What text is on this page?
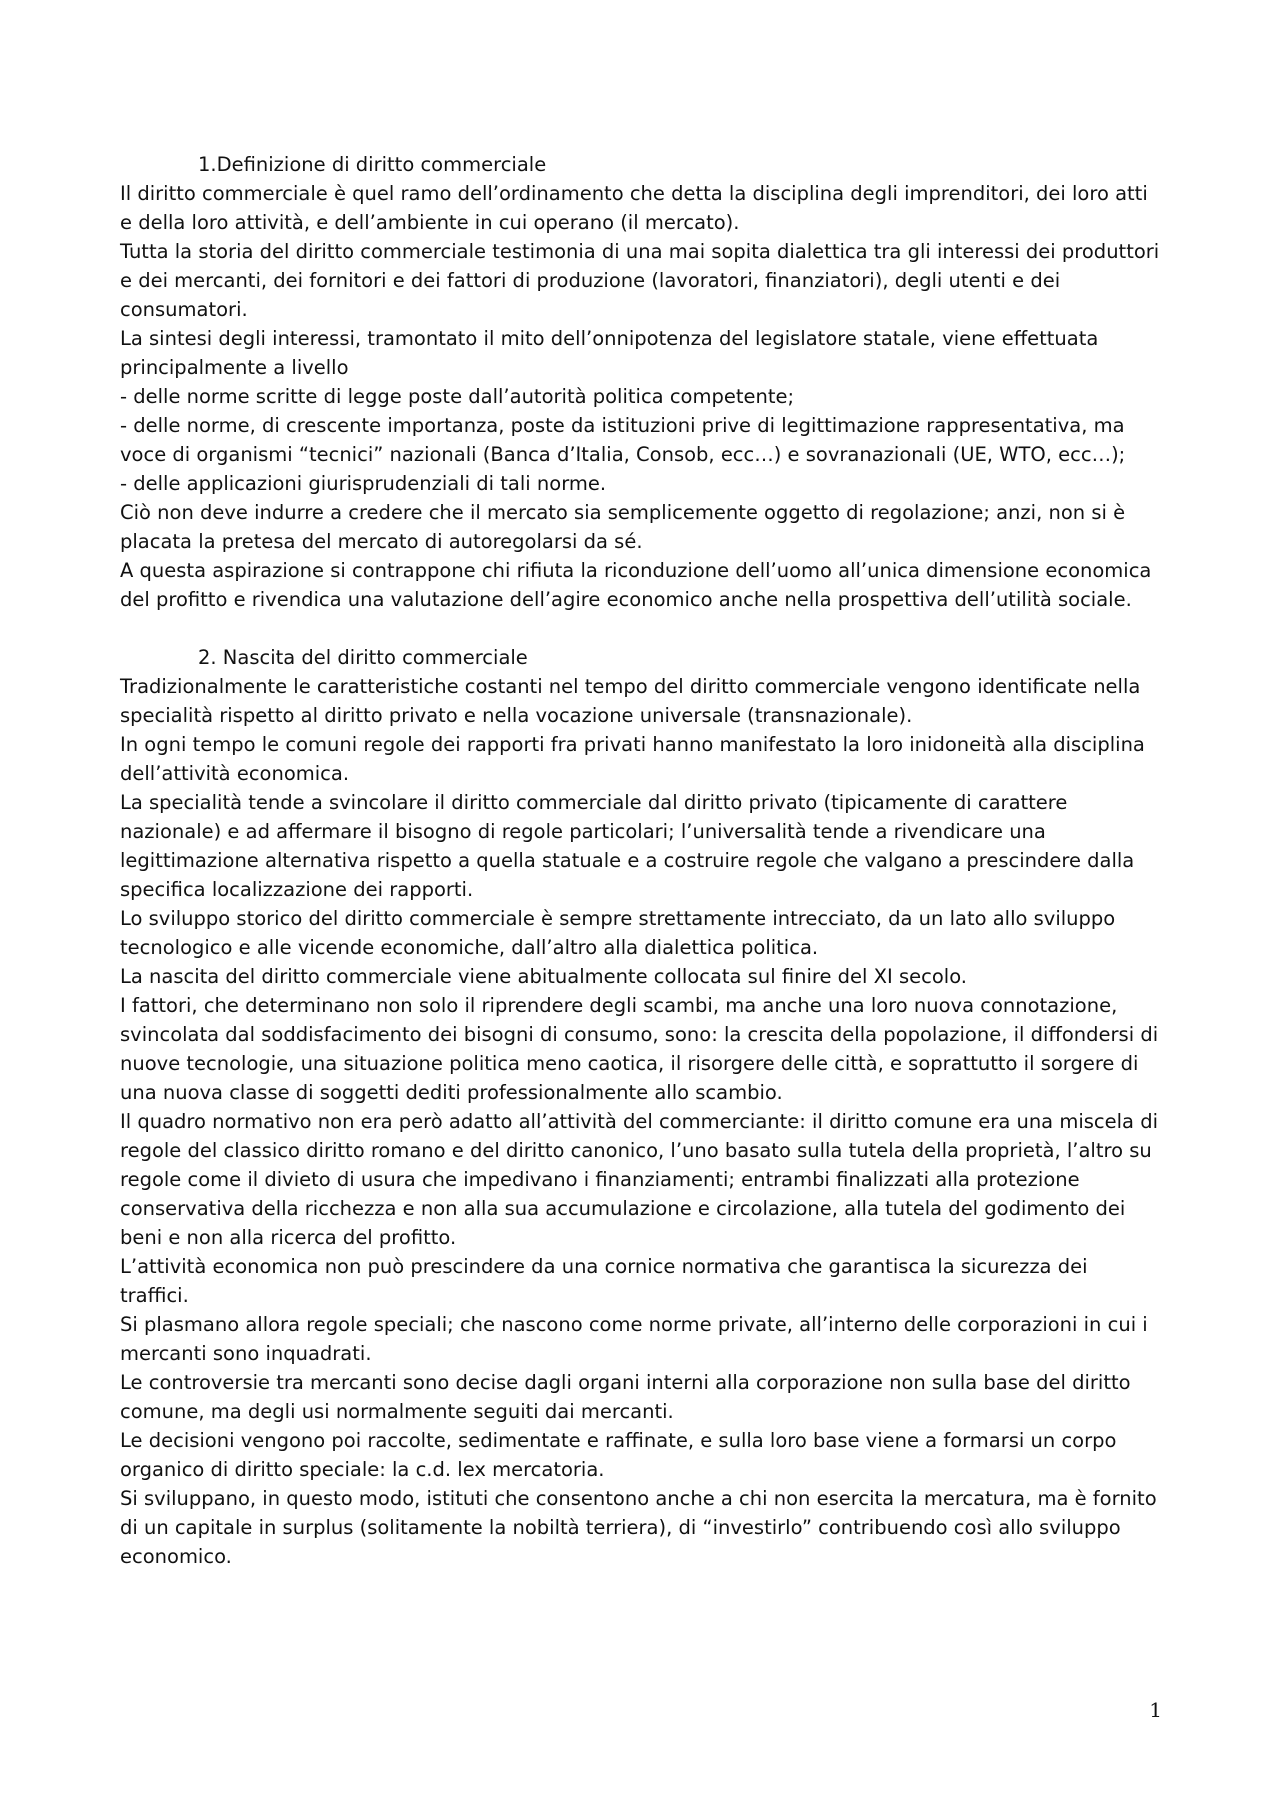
1.Definizione di diritto commerciale

Il diritto commerciale è quel ramo dell’ordinamento che detta la disciplina degli imprenditori, dei loro atti e della loro attività, e dell’ambiente in cui operano (il mercato).

Tutta la storia del diritto commerciale testimonia di una mai sopita dialettica tra gli interessi dei produttori e dei mercanti, dei fornitori e dei fattori di produzione (lavoratori, finanziatori), degli utenti e dei consumatori.

La sintesi degli interessi, tramontato il mito dell’onnipotenza del legislatore statale, viene effettuata principalmente a livello

- delle norme scritte di legge poste dall’autorità politica competente;

- delle norme, di crescente importanza, poste da istituzioni prive di legittimazione rappresentativa, ma voce di organismi “tecnici” nazionali (Banca d’Italia, Consob, ecc…) e sovranazionali (UE, WTO, ecc…);

- delle applicazioni giurisprudenziali di tali norme.

Ciò non deve indurre a credere che il mercato sia semplicemente oggetto di regolazione; anzi, non si è placata la pretesa del mercato di autoregolarsi da sé.

A questa aspirazione si contrappone chi rifiuta la riconduzione dell’uomo all’unica dimensione economica del profitto e rivendica una valutazione dell’agire economico anche nella prospettiva dell’utilità sociale.

2. Nascita del diritto commerciale

Tradizionalmente le caratteristiche costanti nel tempo del diritto commerciale vengono identificate nella specialità rispetto al diritto privato e nella vocazione universale (transnazionale).

In ogni tempo le comuni regole dei rapporti fra privati hanno manifestato la loro inidoneità alla disciplina dell’attività economica.

La specialità tende a svincolare il diritto commerciale dal diritto privato (tipicamente di carattere nazionale) e ad affermare il bisogno di regole particolari; l’universalità tende a rivendicare una legittimazione alternativa rispetto a quella statuale e a costruire regole che valgano a prescindere dalla specifica localizzazione dei rapporti.

Lo sviluppo storico del diritto commerciale è sempre strettamente intrecciato, da un lato allo sviluppo tecnologico e alle vicende economiche, dall’altro alla dialettica politica.

La nascita del diritto commerciale viene abitualmente collocata sul finire del XI secolo.

I fattori, che determinano non solo il riprendere degli scambi, ma anche una loro nuova connotazione, svincolata dal soddisfacimento dei bisogni di consumo, sono: la crescita della popolazione, il diffondersi di nuove tecnologie, una situazione politica meno caotica, il risorgere delle città, e soprattutto il sorgere di una nuova classe di soggetti dediti professionalmente allo scambio.

Il quadro normativo non era però adatto all’attività del commerciante: il diritto comune era una miscela di regole del classico diritto romano e del diritto canonico, l’uno basato sulla tutela della proprietà, l’altro su regole come il divieto di usura che impedivano i finanziamenti; entrambi finalizzati alla protezione conservativa della ricchezza e non alla sua accumulazione e circolazione, alla tutela del godimento dei beni e non alla ricerca del profitto.

L’attività economica non può prescindere da una cornice normativa che garantisca la sicurezza dei traffici.

Si plasmano allora regole speciali; che nascono come norme private, all’interno delle corporazioni in cui i mercanti sono inquadrati.

Le controversie tra mercanti sono decise dagli organi interni alla corporazione non sulla base del diritto comune, ma degli usi normalmente seguiti dai mercanti.

Le decisioni vengono poi raccolte, sedimentate e raffinate, e sulla loro base viene a formarsi un corpo organico di diritto speciale: la c.d. lex mercatoria.

Si sviluppano, in questo modo, istituti che consentono anche a chi non esercita la mercatura, ma è fornito di un capitale in surplus (solitamente la nobiltà terriera), di “investirlo” contribuendo così allo sviluppo economico.

1
